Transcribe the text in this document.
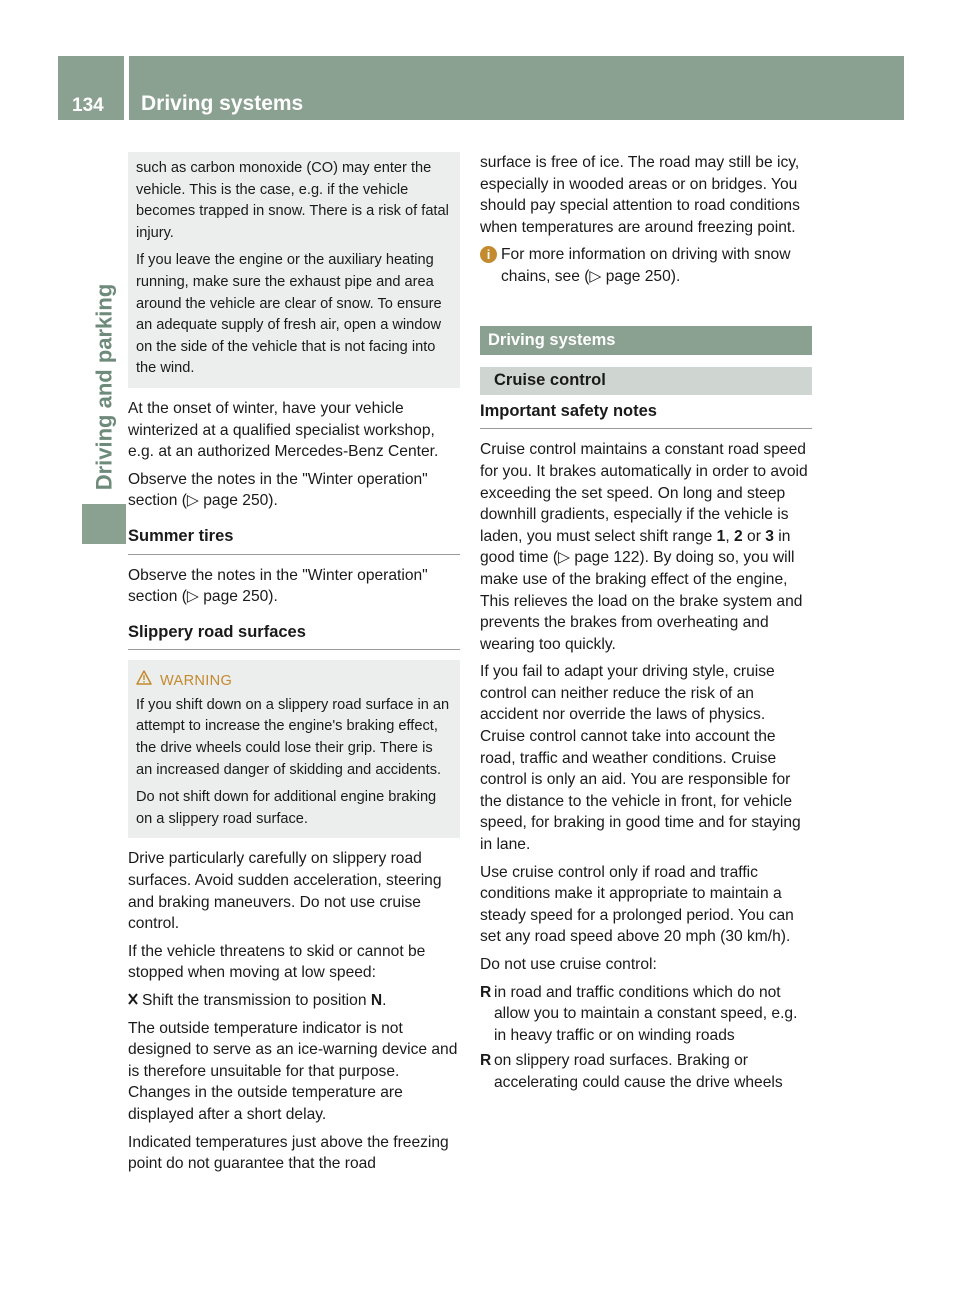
134	Driving systems
Driving and parking

such as carbon monoxide (CO) may enter the vehicle. This is the case, e.g. if the vehicle becomes trapped in snow. There is a risk of fatal injury.

If you leave the engine or the auxiliary heating running, make sure the exhaust pipe and area around the vehicle are clear of snow. To ensure an adequate supply of fresh air, open a window on the side of the vehicle that is not facing into the wind.

At the onset of winter, have your vehicle winterized at a qualified specialist workshop, e.g. at an authorized Mercedes-Benz Center.

Observe the notes in the "Winter operation" section (▷ page 250).

Summer tires

Observe the notes in the "Winter operation" section (▷ page 250).

Slippery road surfaces
WARNING

If you shift down on a slippery road surface in an attempt to increase the engine's braking effect, the drive wheels could lose their grip. There is an increased danger of skidding and accidents.

Do not shift down for additional engine braking on a slippery road surface.

Drive particularly carefully on slippery road surfaces. Avoid sudden acceleration, steering and braking maneuvers. Do not use cruise control.

If the vehicle threatens to skid or cannot be stopped when moving at low speed:

Shift the transmission to position N.

The outside temperature indicator is not designed to serve as an ice-warning device and is therefore unsuitable for that purpose. Changes in the outside temperature are displayed after a short delay.

Indicated temperatures just above the freezing point do not guarantee that the road

surface is free of ice. The road may still be icy, especially in wooded areas or on bridges. You should pay special attention to road conditions when temperatures are around freezing point.

i For more information on driving with snow chains, see (▷ page 250).
Driving systems
Cruise control
Important safety notes

Cruise control maintains a constant road speed for you. It brakes automatically in order to avoid exceeding the set speed. On long and steep downhill gradients, especially if the vehicle is laden, you must select shift range 1, 2 or 3 in good time (▷ page 122). By doing so, you will make use of the braking effect of the engine, This relieves the load on the brake system and prevents the brakes from overheating and wearing too quickly.

If you fail to adapt your driving style, cruise control can neither reduce the risk of an accident nor override the laws of physics. Cruise control cannot take into account the road, traffic and weather conditions. Cruise control is only an aid. You are responsible for the distance to the vehicle in front, for vehicle speed, for braking in good time and for staying in lane.

Use cruise control only if road and traffic conditions make it appropriate to maintain a steady speed for a prolonged period. You can set any road speed above 20 mph (30 km/h).

Do not use cruise control:

R in road and traffic conditions which do not allow you to maintain a constant speed, e.g. in heavy traffic or on winding roads
R on slippery road surfaces. Braking or accelerating could cause the drive wheels
